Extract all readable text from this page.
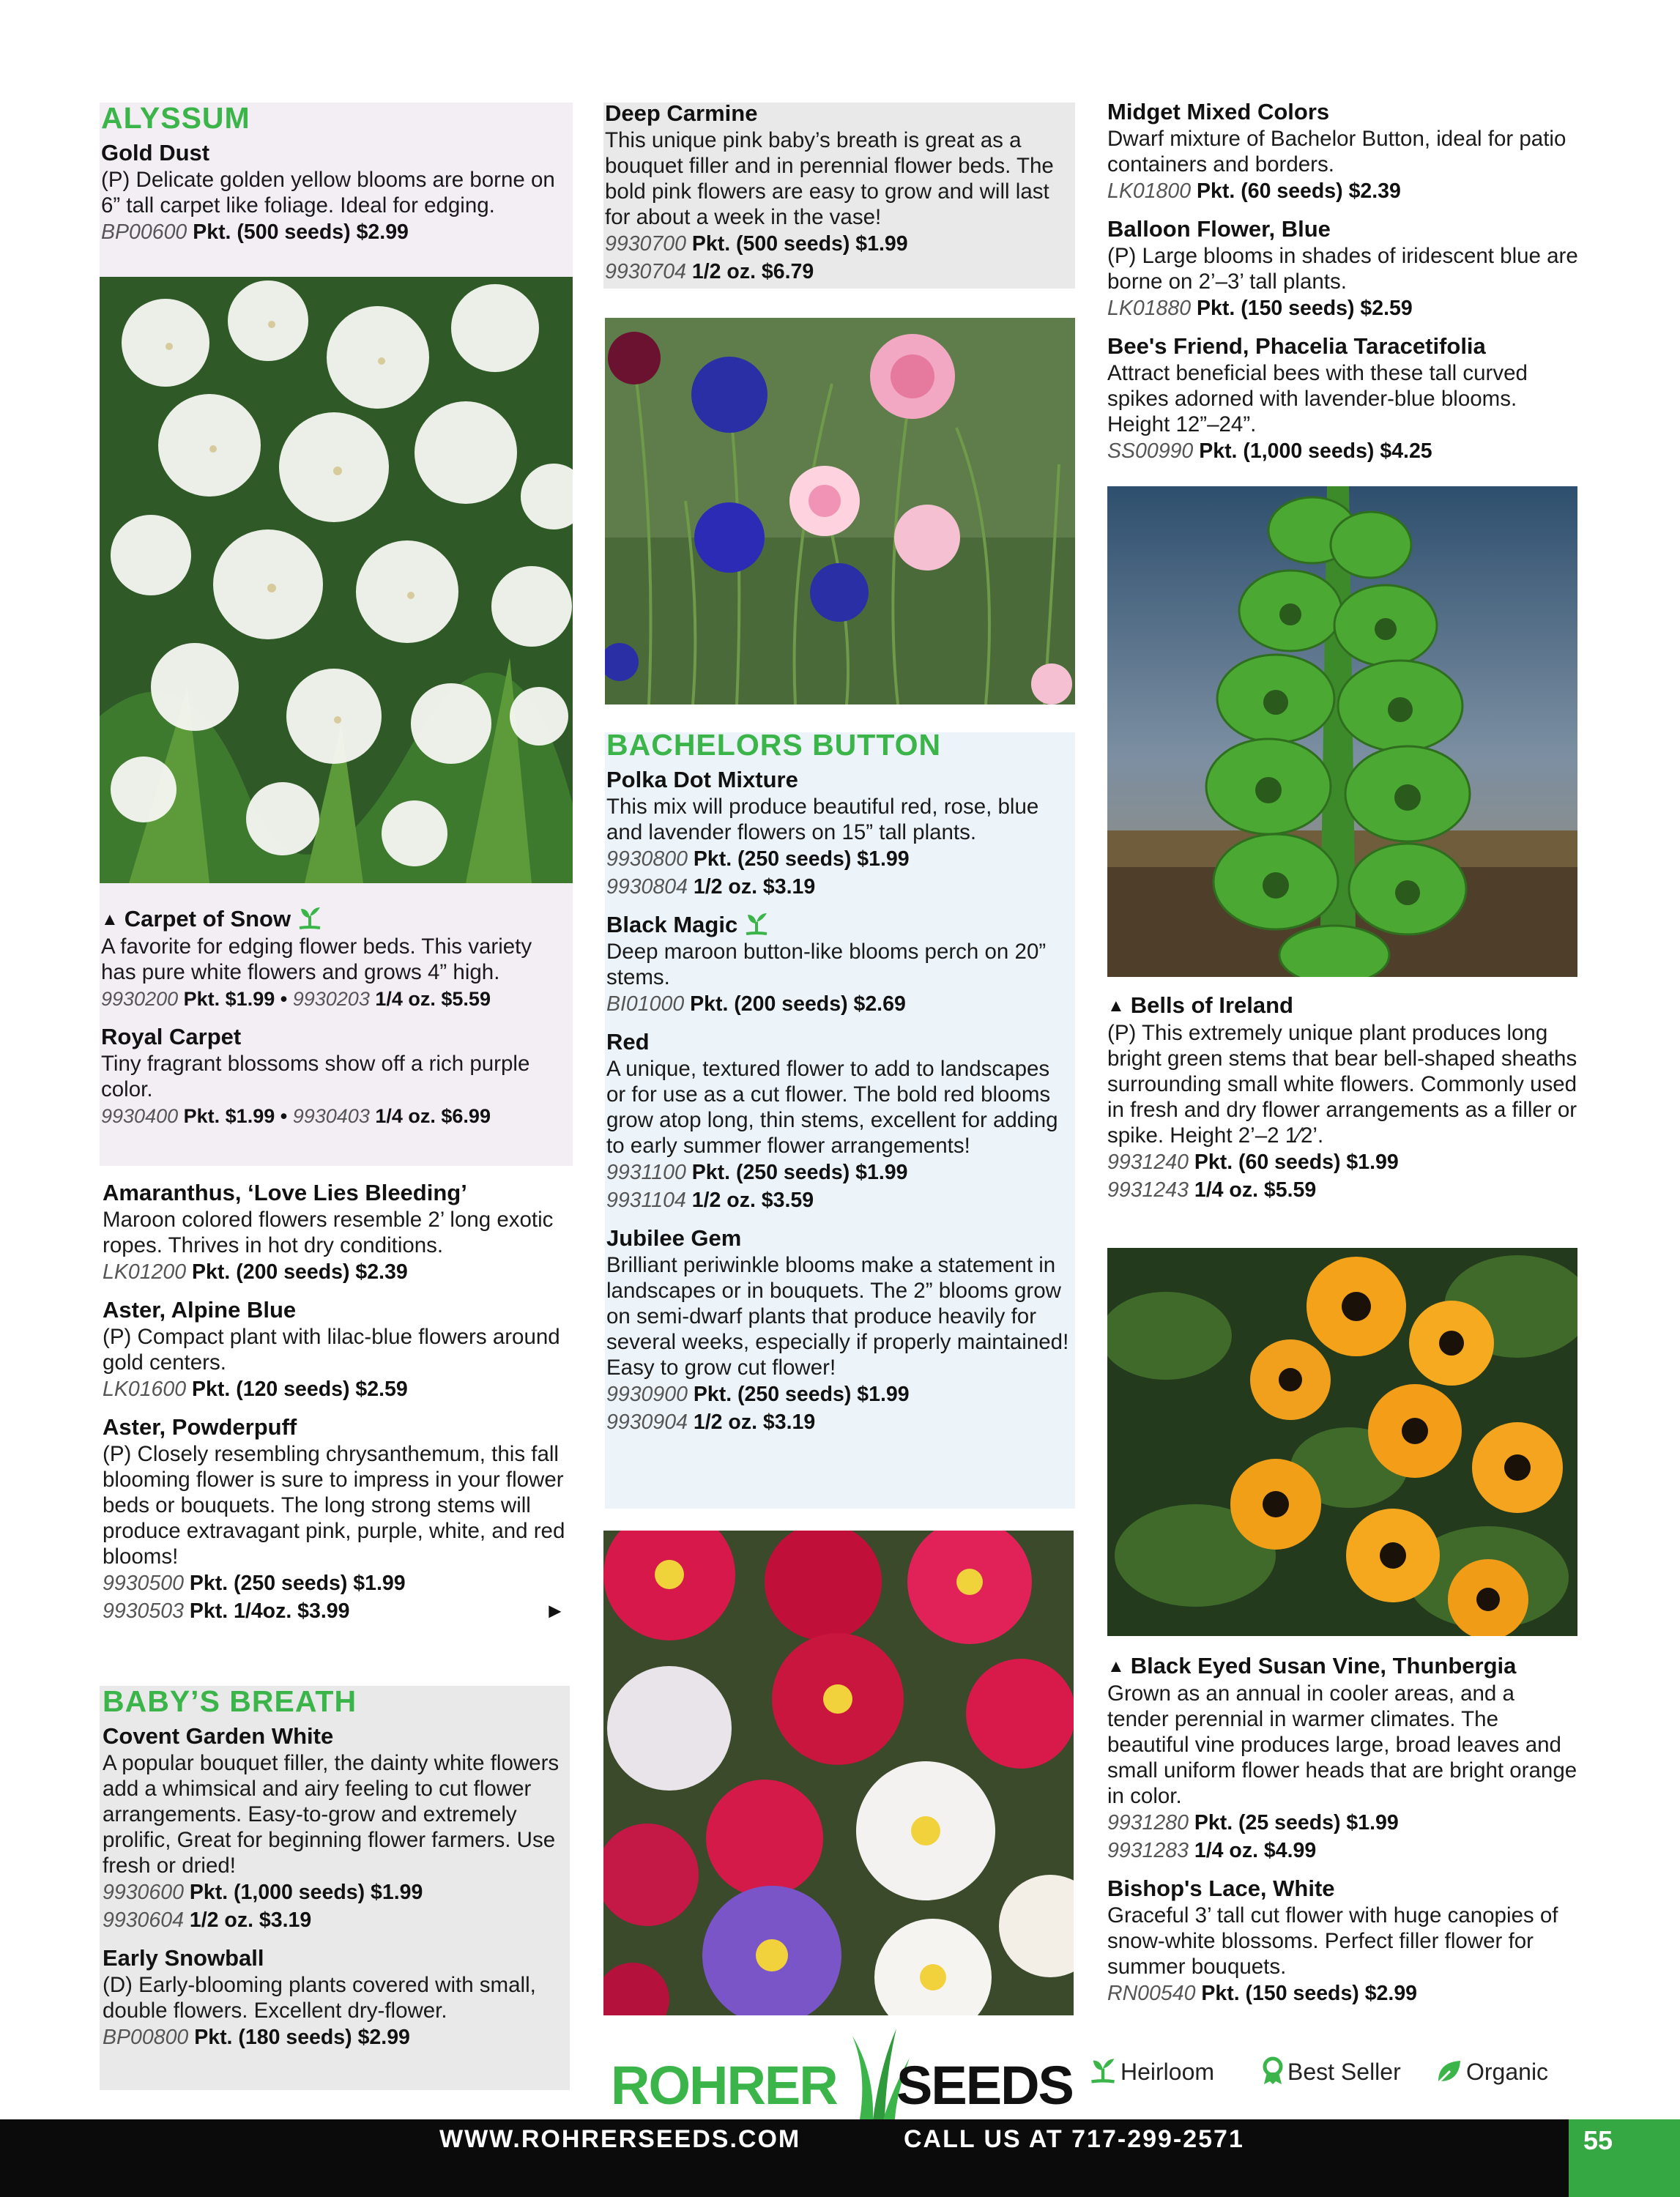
ALYSSUM
Gold Dust
(P) Delicate golden yellow blooms are borne on 6” tall carpet like foliage. Ideal for edging.
BP00600 Pkt. (500 seeds) $2.99
▲ Carpet of Snow
A favorite for edging flower beds. This variety has pure white flowers and grows 4” high.
9930200 Pkt. $1.99 • 9930203 1/4 oz. $5.59
Royal Carpet
Tiny fragrant blossoms show off a rich purple color.
9930400 Pkt. $1.99 • 9930403 1/4 oz. $6.99
Amaranthus, ‘Love Lies Bleeding’
Maroon colored flowers resemble 2’ long exotic ropes. Thrives in hot dry conditions.
LK01200 Pkt. (200 seeds) $2.39
Aster, Alpine Blue
(P) Compact plant with lilac-blue flowers around gold centers.
LK01600 Pkt. (120 seeds) $2.59
Aster, Powderpuff
(P) Closely resembling chrysanthemum, this fall blooming flower is sure to impress in your flower beds or bouquets. The long strong stems will produce extravagant pink, purple, white, and red blooms!
9930500 Pkt. (250 seeds) $1.99
9930503 Pkt. 1/4oz. $3.99	►
BABY’S BREATH
Covent Garden White
A popular bouquet filler, the dainty white flowers add a whimsical and airy feeling to cut flower arrangements. Easy-to-grow and extremely prolific, Great for beginning flower farmers. Use fresh or dried!
9930600 Pkt. (1,000 seeds) $1.99
9930604 1/2 oz. $3.19
Early Snowball
(D) Early-blooming plants covered with small, double flowers. Excellent dry-flower.
BP00800 Pkt. (180 seeds) $2.99
Deep Carmine
This unique pink baby’s breath is great as a bouquet filler and in perennial flower beds. The bold pink flowers are easy to grow and will last for about a week in the vase!
9930700 Pkt. (500 seeds) $1.99
9930704 1/2 oz. $6.79
BACHELORS BUTTON
Polka Dot Mixture
This mix will produce beautiful red, rose, blue and lavender flowers on 15” tall plants.
9930800 Pkt. (250 seeds) $1.99
9930804 1/2 oz. $3.19
Black Magic
Deep maroon button-like blooms perch on 20” stems.
BI01000 Pkt. (200 seeds) $2.69
Red
A unique, textured flower to add to landscapes or for use as a cut flower. The bold red blooms grow atop long, thin stems, excellent for adding to early summer flower arrangements!
9931100 Pkt. (250 seeds) $1.99
9931104 1/2 oz. $3.59
Jubilee Gem
Brilliant periwinkle blooms make a statement in landscapes or in bouquets. The 2” blooms grow on semi-dwarf plants that produce heavily for several weeks, especially if properly maintained! Easy to grow cut flower!
9930900 Pkt. (250 seeds) $1.99
9930904 1/2 oz. $3.19
Midget Mixed Colors
Dwarf mixture of Bachelor Button, ideal for patio containers and borders.
LK01800 Pkt. (60 seeds) $2.39
Balloon Flower, Blue
(P) Large blooms in shades of iridescent blue are borne on 2’–3’ tall plants.
LK01880 Pkt. (150 seeds) $2.59
Bee's Friend, Phacelia Taracetifolia
Attract beneficial bees with these tall curved spikes adorned with lavender-blue blooms. Height 12”–24”.
SS00990 Pkt. (1,000 seeds) $4.25
▲ Bells of Ireland
(P) This extremely unique plant produces long bright green stems that bear bell-shaped sheaths surrounding small white flowers. Commonly used in fresh and dry flower arrangements as a filler or spike. Height 2’–2 1⁄2’.
9931240 Pkt. (60 seeds) $1.99
9931243 1/4 oz. $5.59
▲ Black Eyed Susan Vine, Thunbergia
Grown as an annual in cooler areas, and a tender perennial in warmer climates. The beautiful vine produces large, broad leaves and small uniform flower heads that are bright orange in color.
9931280 Pkt. (25 seeds) $1.99
9931283 1/4 oz. $4.99
Bishop's Lace, White
Graceful 3’ tall cut flower with huge canopies of snow-white blossoms. Perfect filler flower for summer bouquets.
RN00540 Pkt. (150 seeds) $2.99
ROHRER SEEDS	Heirloom	Best Seller	Organic
WWW.ROHRERSEEDS.COM	CALL US AT 717-299-2571	55
